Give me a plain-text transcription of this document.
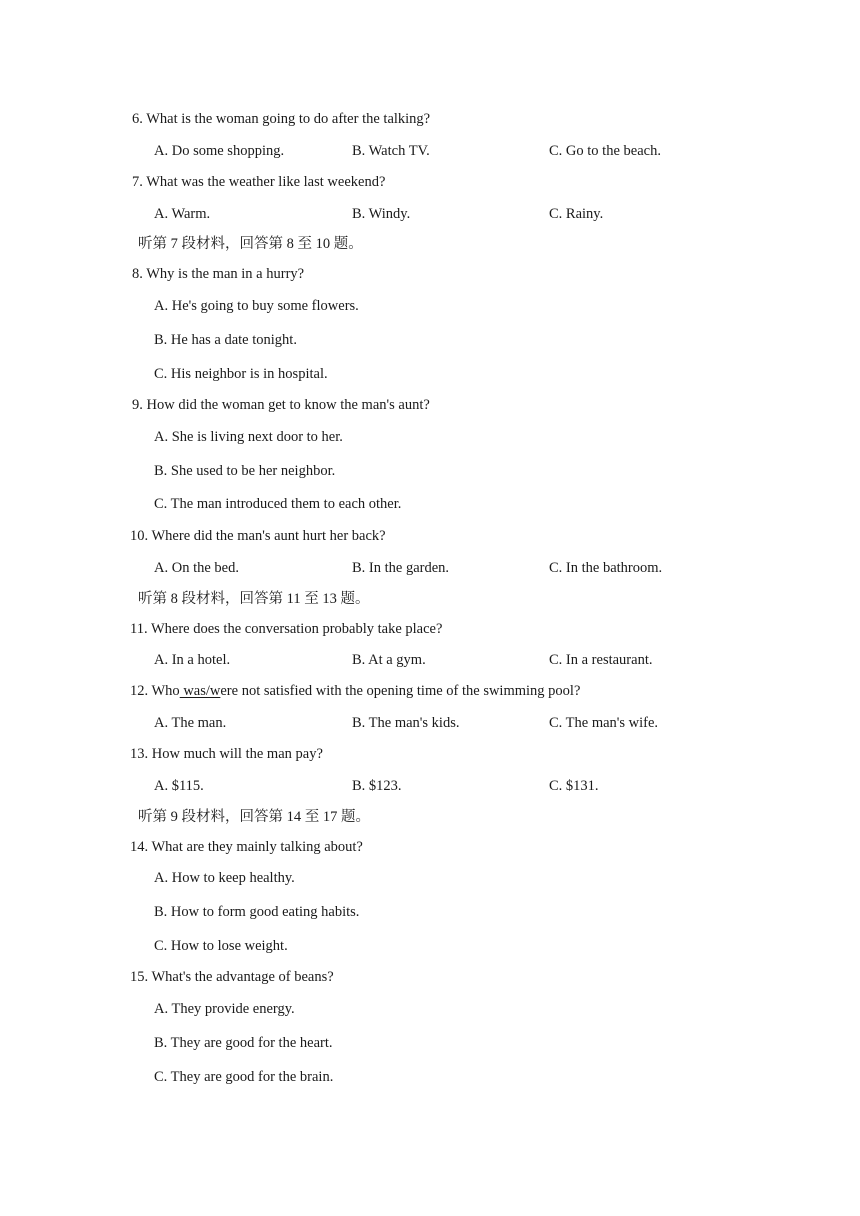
6. What is the woman going to do after the talking?
A. Do some shopping.	B. Watch TV.	C. Go to the beach.
7. What was the weather like last weekend?
A. Warm.	B. Windy.	C. Rainy.
听第 7 段材料，回答第 8 至 10 题。
8. Why is the man in a hurry?
A. He's going to buy some flowers.
B. He has a date tonight.
C. His neighbor is in hospital.
9. How did the woman get to know the man's aunt?
A. She is living next door to her.
B. She used to be her neighbor.
C. The man introduced them to each other.
10. Where did the man's aunt hurt her back?
A. On the bed.	B. In the garden.	C. In the bathroom.
听第 8 段材料，回答第 11 至 13 题。
11. Where does the conversation probably take place?
A. In a hotel.	B. At a gym.	C. In a restaurant.
12. Who was/were not satisfied with the opening time of the swimming pool?
A. The man.	B. The man's kids.	C. The man's wife.
13. How much will the man pay?
A. $115.	B. $123.	C. $131.
听第 9 段材料，回答第 14 至 17 题。
14. What are they mainly talking about?
A. How to keep healthy.
B. How to form good eating habits.
C. How to lose weight.
15. What's the advantage of beans?
A. They provide energy.
B. They are good for the heart.
C. They are good for the brain.
